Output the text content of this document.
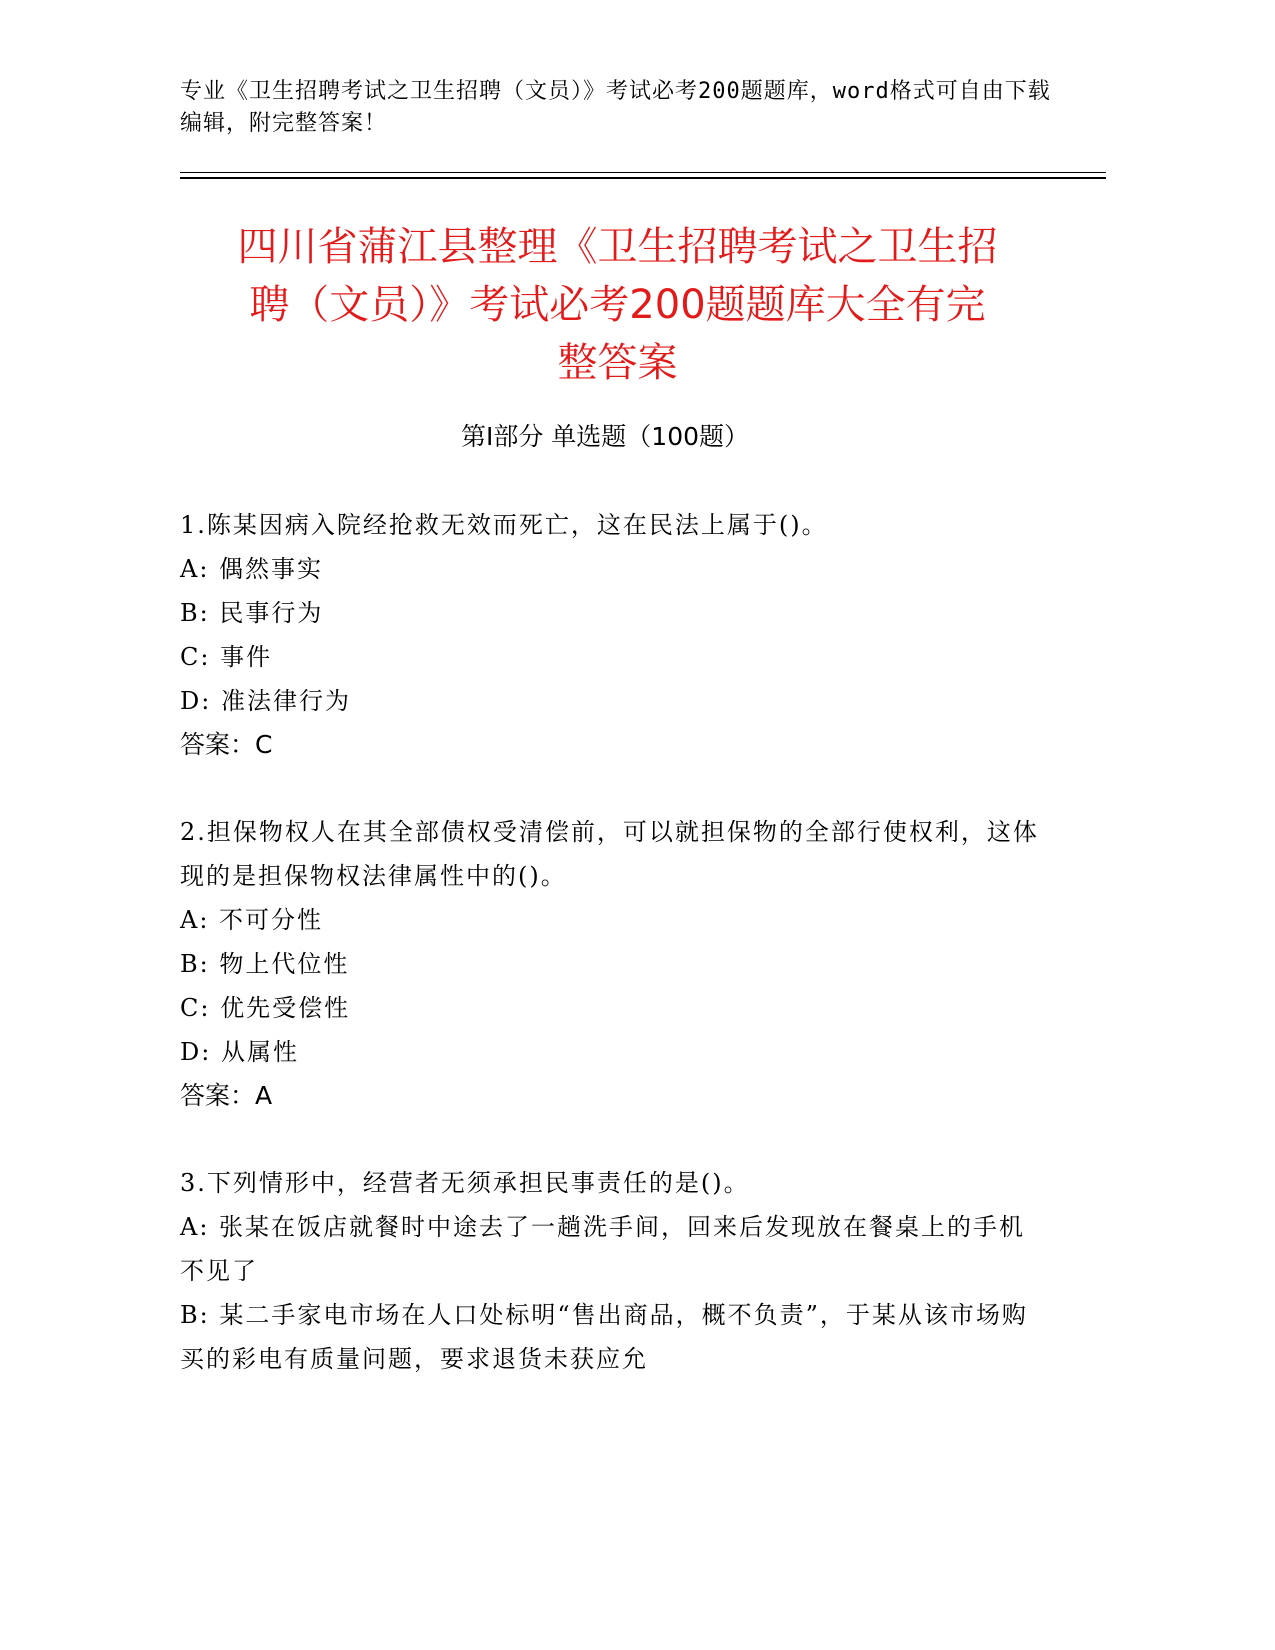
专业《卫生招聘考试之卫生招聘（文员）》考试必考200题题库，word格式可自由下载编辑，附完整答案！
四川省蒲江县整理《卫生招聘考试之卫生招
聘（文员）》考试必考200题题库大全有完
整答案
第Ⅰ部分 单选题（100题）

1.陈某因病入院经抢救无效而死亡，这在民法上属于()。

A: 偶然事实

B: 民事行为

C: 事件

D: 准法律行为

答案：C

2.担保物权人在其全部债权受清偿前，可以就担保物的全部行使权利，这体现的是担保物权法律属性中的()。

A: 不可分性

B: 物上代位性

C: 优先受偿性

D: 从属性

答案：A

3.下列情形中，经营者无须承担民事责任的是()。

A: 张某在饭店就餐时中途去了一趟洗手间，回来后发现放在餐桌上的手机不见了

B: 某二手家电市场在人口处标明“售出商品，概不负责”，于某从该市场购买的彩电有质量问题，要求退货未获应允
